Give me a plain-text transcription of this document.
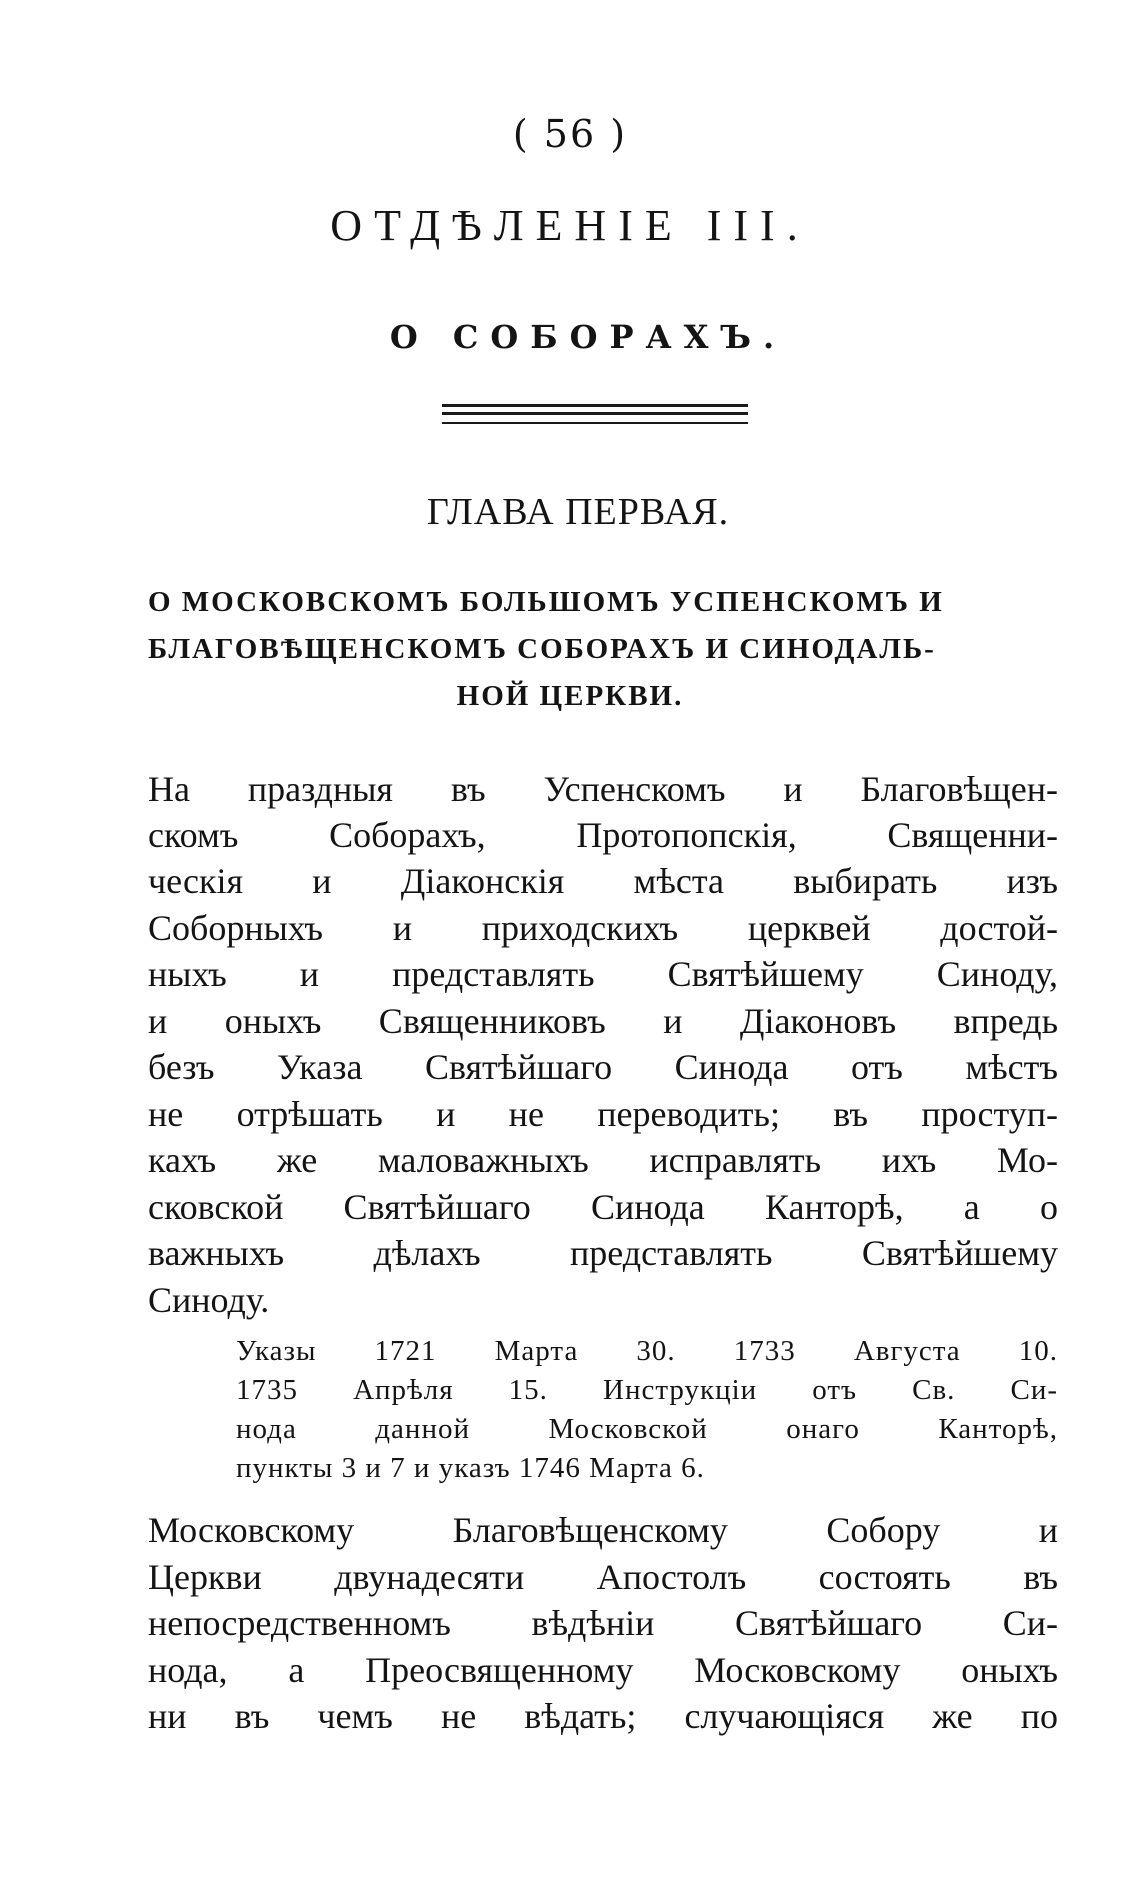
( 56 )
ОТДѢЛЕНІЕ III.
О СОБОРАХЪ.
ГЛАВА ПЕРВАЯ.
О МОСКОВСКОМЪ БОЛЬШОМЪ УСПЕНСКОМЪ И
БЛАГОВѢЩЕНСКОМЪ СОБОРАХЪ И СИНОДАЛЬ-
НОЙ ЦЕРКВИ.
На праздныя въ Успенскомъ и Благовѣщен-
скомъ Соборахъ, Протопопскія, Священни-
ческія и Діаконскія мѣста выбирать изъ
Соборныхъ и приходскихъ церквей достой-
ныхъ и представлять Святѣйшему Синоду,
и оныхъ Священниковъ и Діаконовъ впредь
безъ Указа Святѣйшаго Синода отъ мѣстъ
не отрѣшать и не переводить; въ проступ-
кахъ же маловажныхъ исправлять ихъ Мо-
сковской Святѣйшаго Синода Канторѣ, а о
важныхъ дѣлахъ представлять Святѣйшему
Синоду.
Указы 1721 Марта 30. 1733 Августа 10.
1735 Апрѣля 15. Инструкціи отъ Св. Си-
нода данной Московской онаго Канторѣ,
пункты 3 и 7 и указъ 1746 Марта 6.
Московскому Благовѣщенскому Собору и
Церкви двунадесяти Апостолъ состоять въ
непосредственномъ вѣдѣніи Святѣйшаго Си-
нода, а Преосвященному Московскому оныхъ
ни въ чемъ не вѣдать; случающіяся же по
